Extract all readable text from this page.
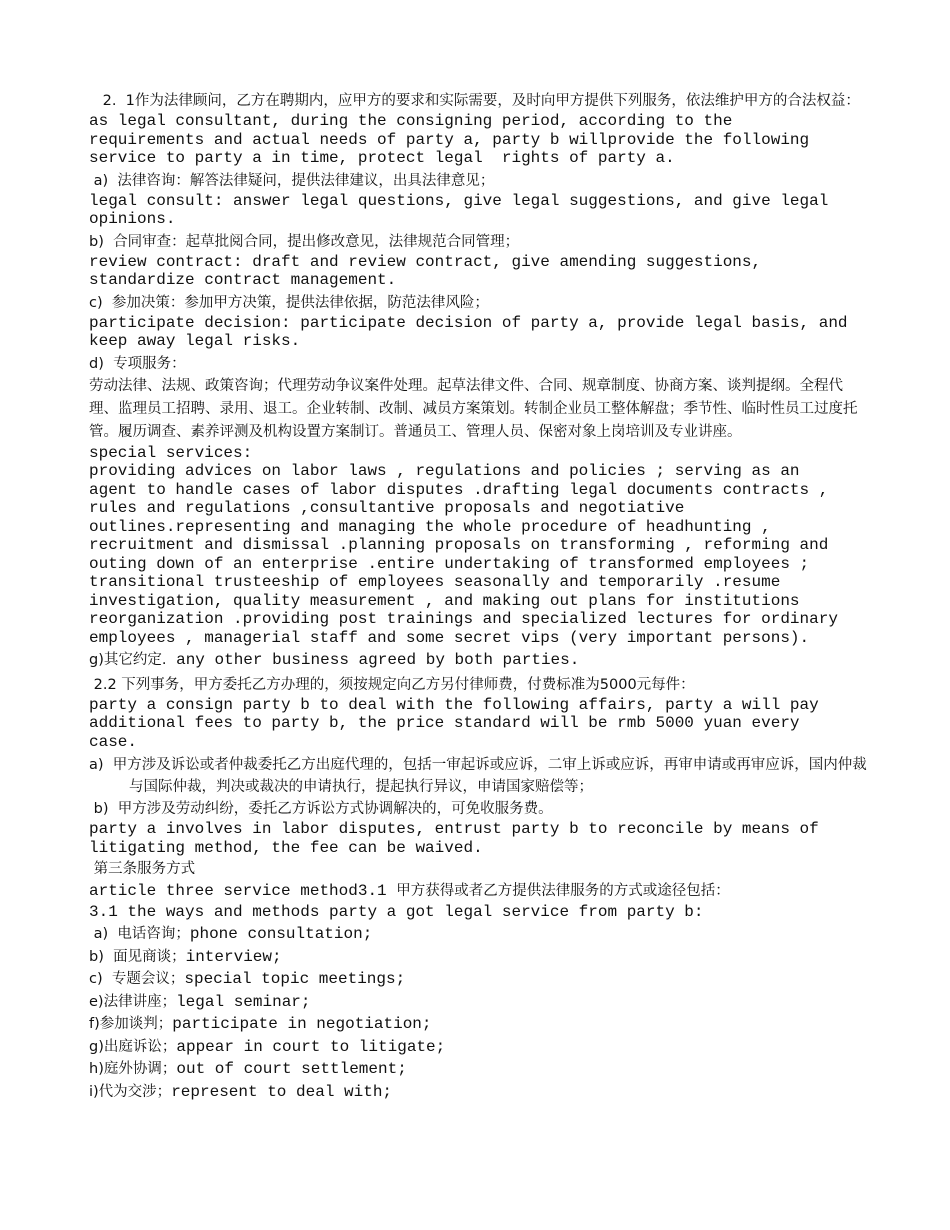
2.  1作为法律顾问，乙方在聘期内，应甲方的要求和实际需要，及时向甲方提供下列服务，依法维护甲方的合法权益：
as legal consultant, during the consigning period, according to the
requirements and actual needs of party a, party b willprovide the following
service to party a in time, protect legal  rights of party a.
a)  法律咨询：解答法律疑问，提供法律建议，出具法律意见；
legal consult: answer legal questions, give legal suggestions, and give legal
opinions.
b)  合同审查：起草批阅合同，提出修改意见，法律规范合同管理；
review contract: draft and review contract, give amending suggestions,
standardize contract management.
c)  参加决策：参加甲方决策，提供法律依据，防范法律风险；
participate decision: participate decision of party a, provide legal basis, and
keep away legal risks.
d)  专项服务：
劳动法律、法规、政策咨询；代理劳动争议案件处理。起草法律文件、合同、规章制度、协商方案、谈判提纲。全程代理、监理员工招聘、录用、退工。企业转制、改制、减员方案策划。转制企业员工整体解盘；季节性、临时性员工过度托管。履历调查、素养评测及机构设置方案制订。普通员工、管理人员、保密对象上岗培训及专业讲座。
special services:
providing advices on labor laws , regulations and policies ; serving as an
agent to handle cases of labor disputes .drafting legal documents contracts ,
rules and regulations ,consultantive proposals and negotiative
outlines.representing and managing the whole procedure of headhunting ,
recruitment and dismissal .planning proposals on transforming , reforming and
outing down of an enterprise .entire undertaking of transformed employees ;
transitional trusteeship of employees seasonally and temporarily .resume
investigation, quality measurement , and making out plans for institutions
reorganization .providing post trainings and specialized lectures for ordinary
employees , managerial staff and some secret vips (very important persons).
g)其它约定. any other business agreed by both parties.
2.2 下列事务，甲方委托乙方办理的，须按规定向乙方另付律师费，付费标准为5000元每件：
party a consign party b to deal with the following affairs, party a will pay
additional fees to party b, the price standard will be rmb 5000 yuan every
case.
a)  甲方涉及诉讼或者仲裁委托乙方出庭代理的，包括一审起诉或应诉，二审上诉或应诉，再审申请或再审应诉，国内仲裁与国际仲裁，判决或裁决的申请执行，提起执行异议，申请国家赔偿等；
b)  甲方涉及劳动纠纷，委托乙方诉讼方式协调解决的，可免收服务费。
party a involves in labor disputes, entrust party b to reconcile by means of
litigating method, the fee can be waived.
第三条服务方式
article three service method3.1 甲方获得或者乙方提供法律服务的方式或途径包括：
3.1 the ways and methods party a got legal service from party b:
a)  电话咨询；phone consultation;
b)  面见商谈；interview;
c)  专题会议；special topic meetings;
e)法律讲座；legal seminar;
f)参加谈判；participate in negotiation;
g)出庭诉讼；appear in court to litigate;
h)庭外协调；out of court settlement;
i)代为交涉；represent to deal with;
